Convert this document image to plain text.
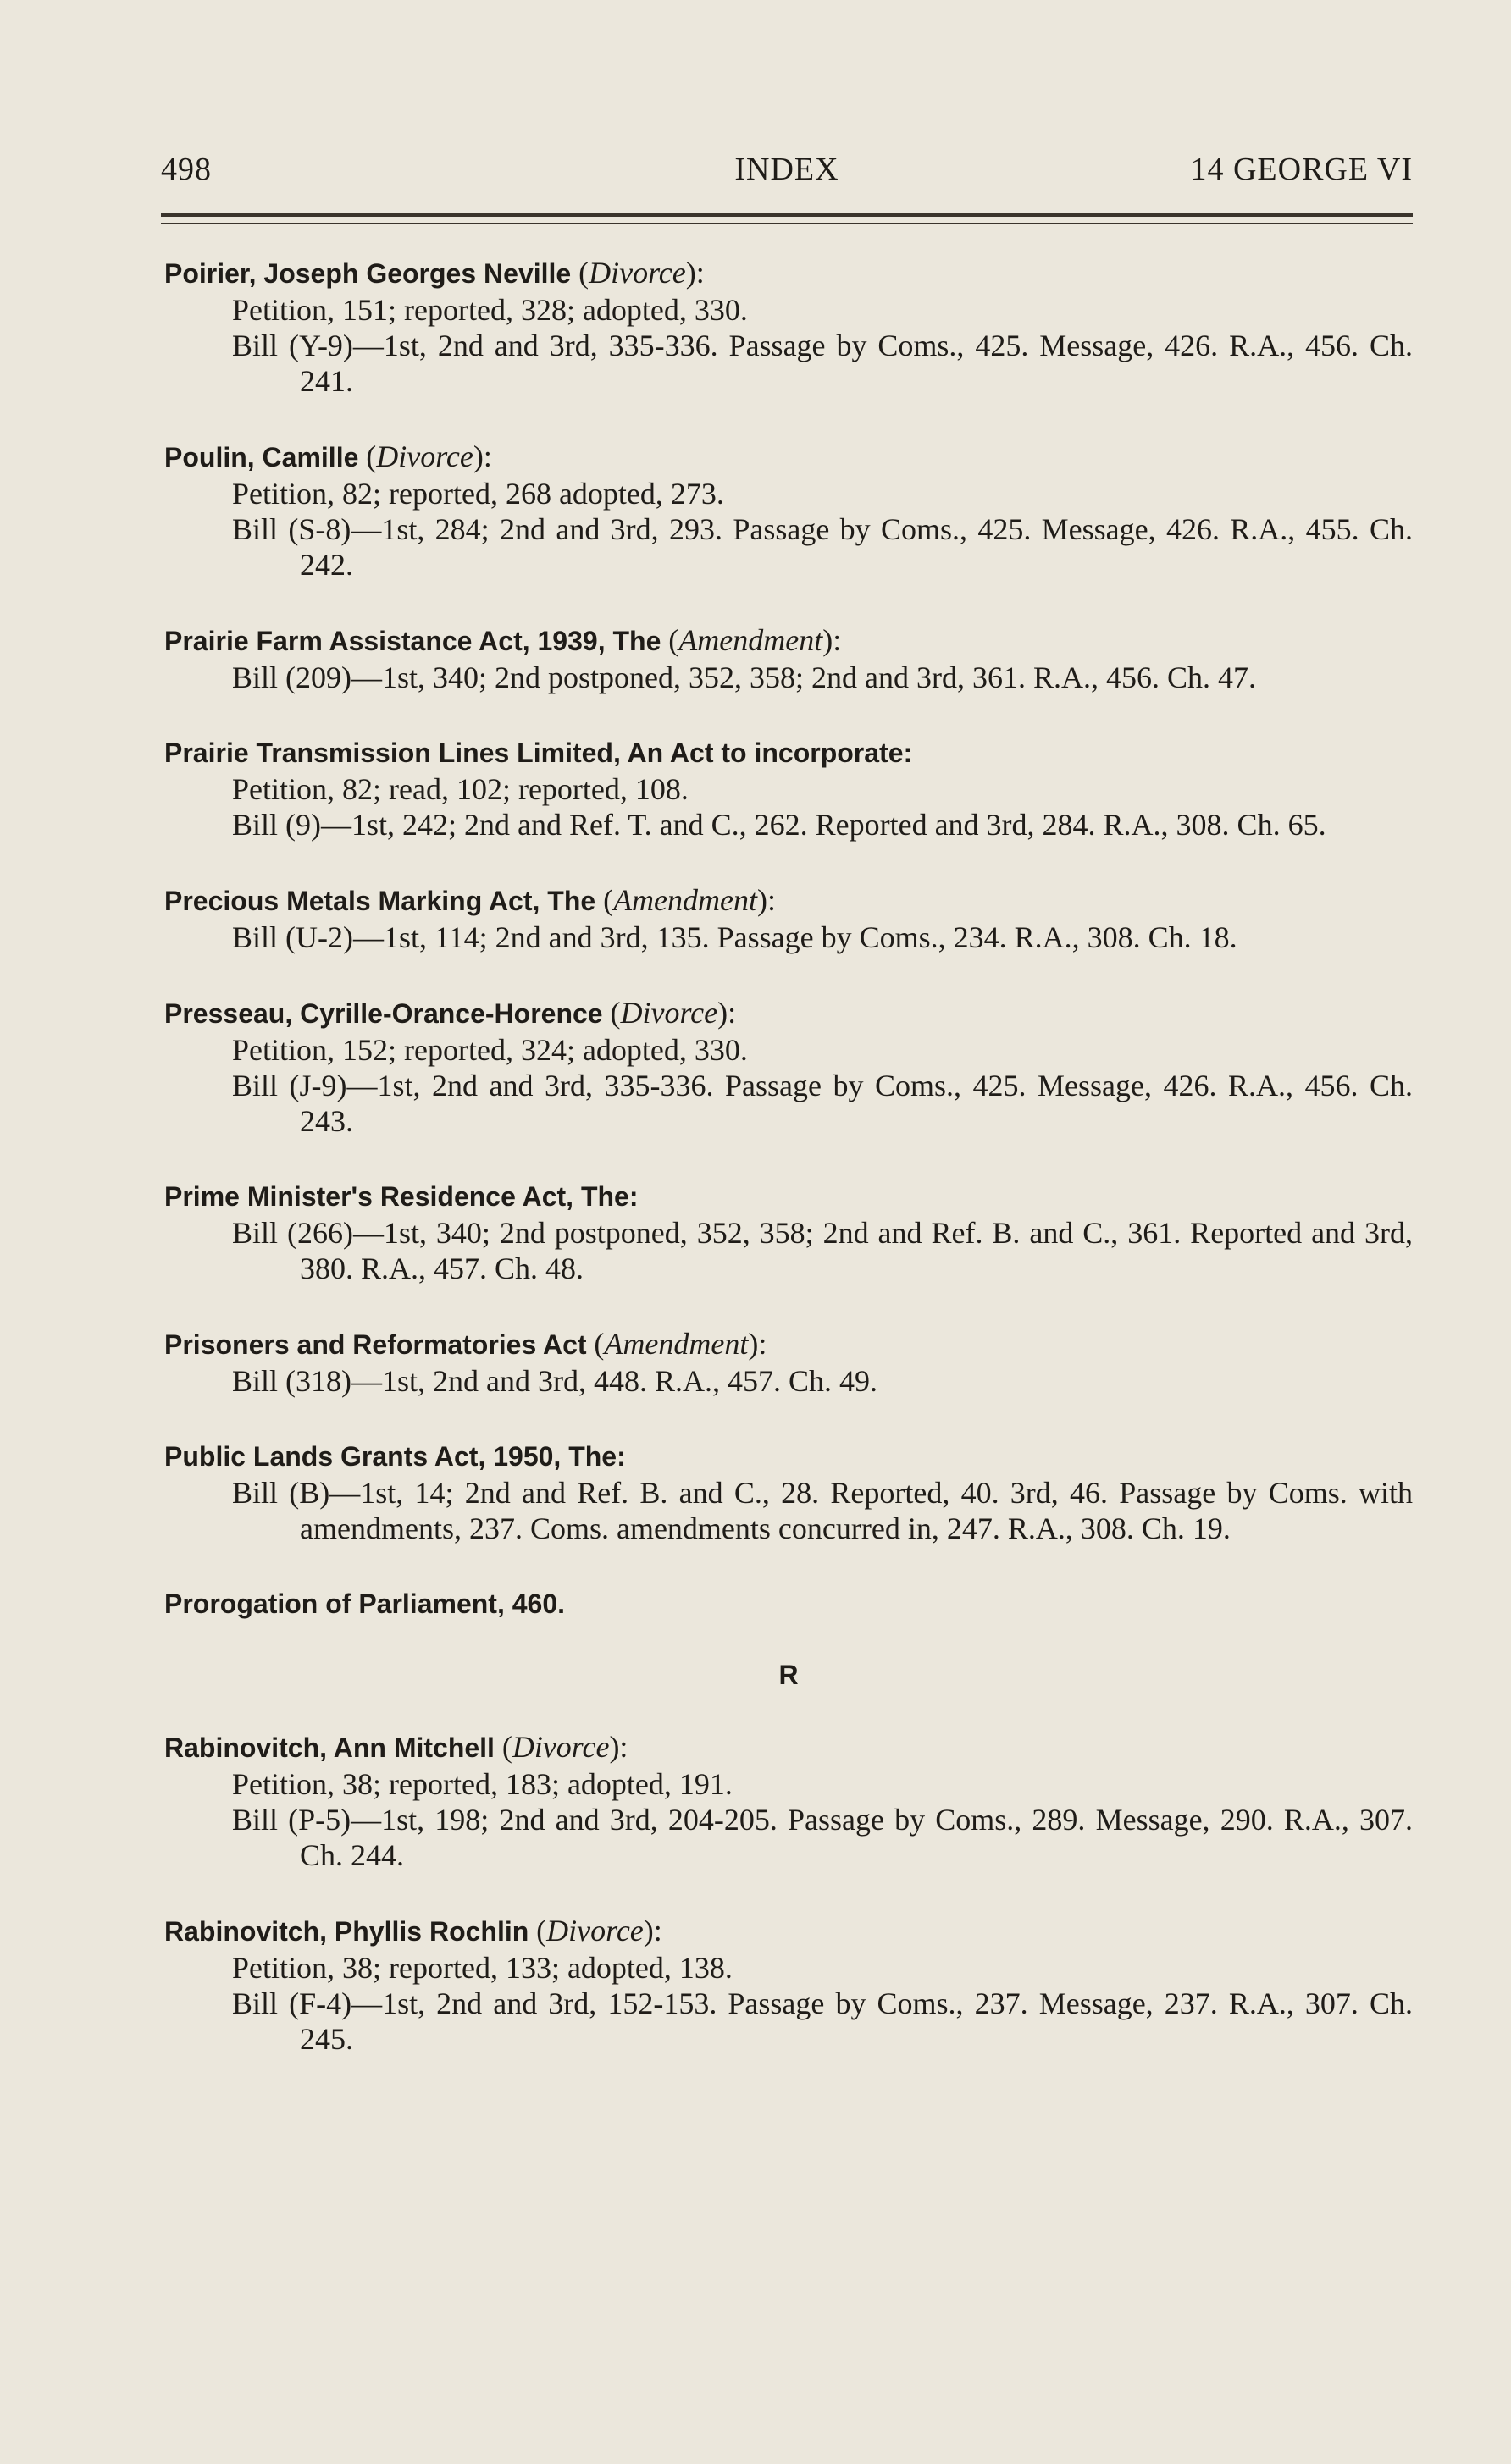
498	INDEX	14 GEORGE VI
Poirier, Joseph Georges Neville (Divorce):
Petition, 151; reported, 328; adopted, 330.
Bill (Y-9)—1st, 2nd and 3rd, 335-336. Passage by Coms., 425. Message, 426. R.A., 456. Ch. 241.
Poulin, Camille (Divorce):
Petition, 82; reported, 268 adopted, 273.
Bill (S-8)—1st, 284; 2nd and 3rd, 293. Passage by Coms., 425. Message, 426. R.A., 455. Ch. 242.
Prairie Farm Assistance Act, 1939, The (Amendment):
Bill (209)—1st, 340; 2nd postponed, 352, 358; 2nd and 3rd, 361. R.A., 456. Ch. 47.
Prairie Transmission Lines Limited, An Act to incorporate:
Petition, 82; read, 102; reported, 108.
Bill (9)—1st, 242; 2nd and Ref. T. and C., 262. Reported and 3rd, 284. R.A., 308. Ch. 65.
Precious Metals Marking Act, The (Amendment):
Bill (U-2)—1st, 114; 2nd and 3rd, 135. Passage by Coms., 234. R.A., 308. Ch. 18.
Presseau, Cyrille-Orance-Horence (Divorce):
Petition, 152; reported, 324; adopted, 330.
Bill (J-9)—1st, 2nd and 3rd, 335-336. Passage by Coms., 425. Message, 426. R.A., 456. Ch. 243.
Prime Minister's Residence Act, The:
Bill (266)—1st, 340; 2nd postponed, 352, 358; 2nd and Ref. B. and C., 361. Reported and 3rd, 380. R.A., 457. Ch. 48.
Prisoners and Reformatories Act (Amendment):
Bill (318)—1st, 2nd and 3rd, 448. R.A., 457. Ch. 49.
Public Lands Grants Act, 1950, The:
Bill (B)—1st, 14; 2nd and Ref. B. and C., 28. Reported, 40. 3rd, 46. Passage by Coms. with amendments, 237. Coms. amendments concurred in, 247. R.A., 308. Ch. 19.
Prorogation of Parliament, 460.
R
Rabinovitch, Ann Mitchell (Divorce):
Petition, 38; reported, 183; adopted, 191.
Bill (P-5)—1st, 198; 2nd and 3rd, 204-205. Passage by Coms., 289. Message, 290. R.A., 307. Ch. 244.
Rabinovitch, Phyllis Rochlin (Divorce):
Petition, 38; reported, 133; adopted, 138.
Bill (F-4)—1st, 2nd and 3rd, 152-153. Passage by Coms., 237. Message, 237. R.A., 307. Ch. 245.
